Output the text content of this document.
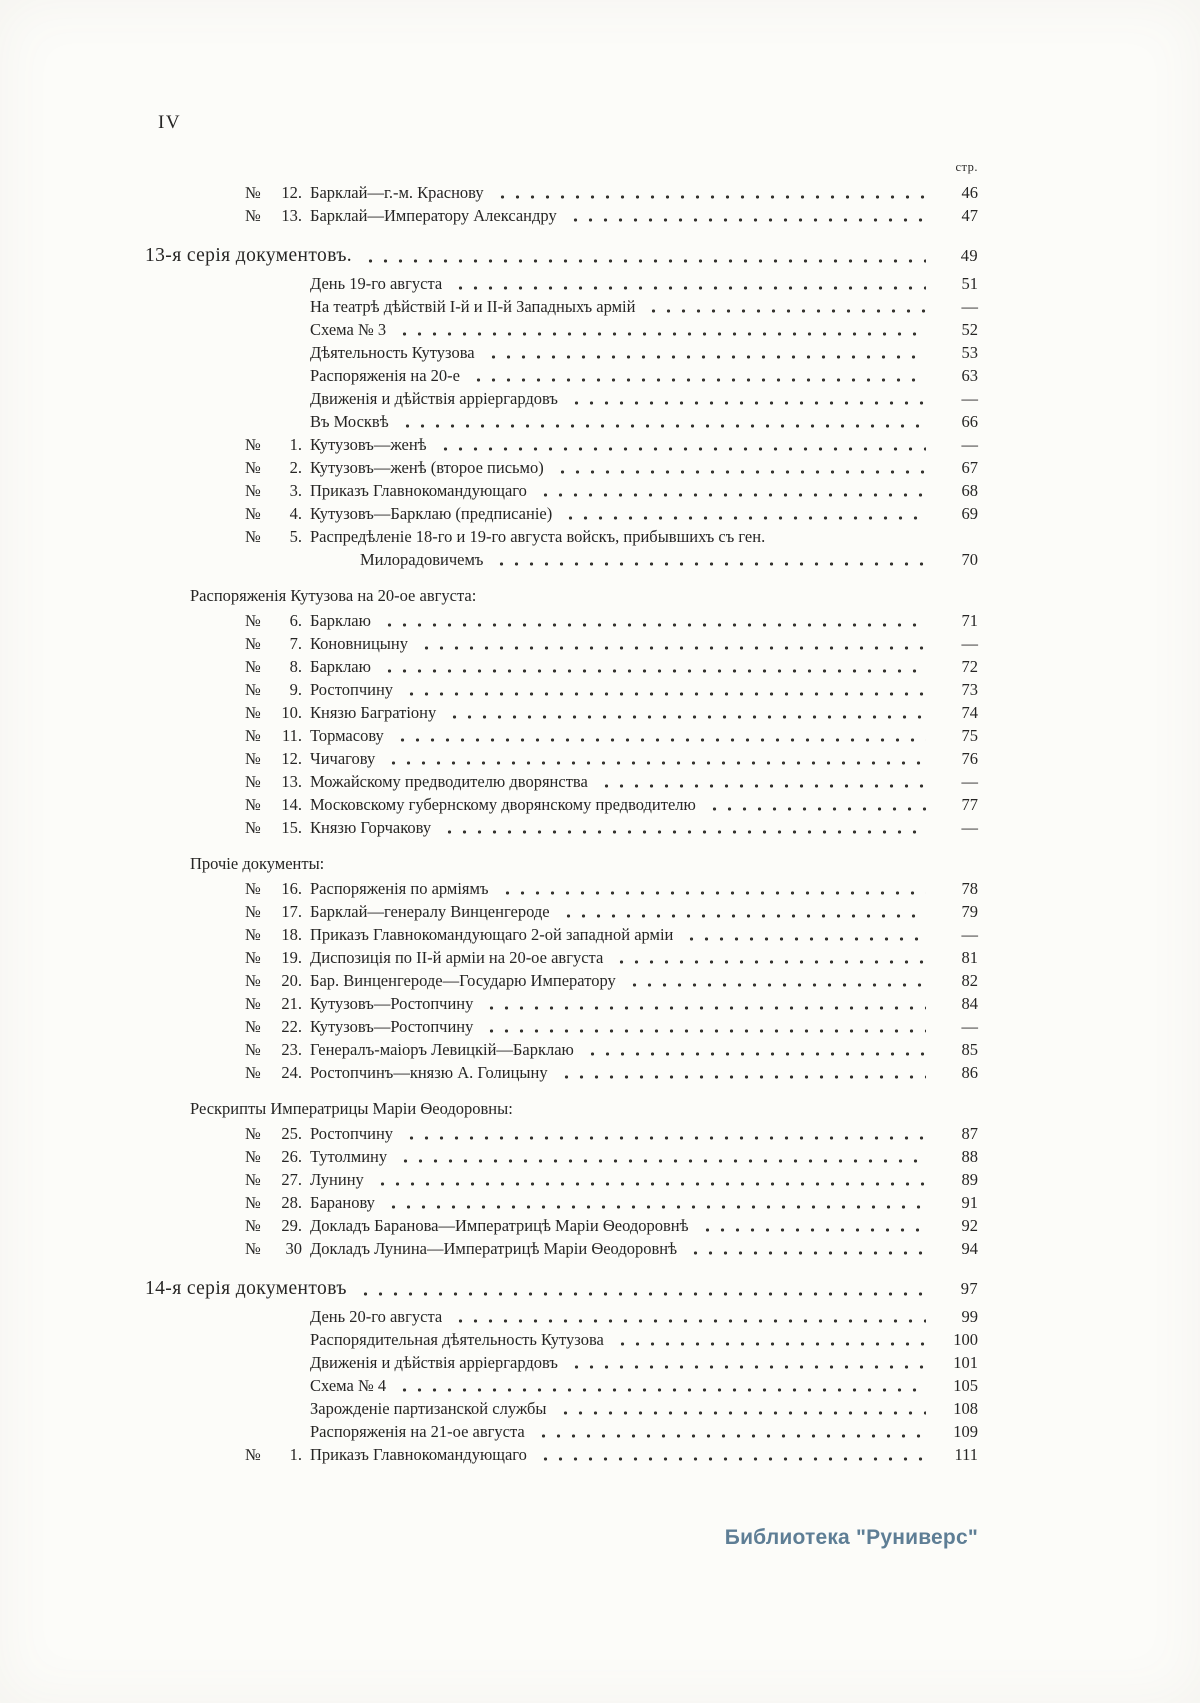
IV
стр.
№	12. Барклай—г.-м. Краснову	46
№	13. Барклай—Императору Александру	47
13-я серія документовъ.	49
День 19-го августа	51
На театрѣ дѣйствій I-й и II-й Западныхъ армій	—
Схема № 3	52
Дѣятельность Кутузова	53
Распоряженія на 20-е	63
Движенія и дѣйствія арріергардовъ	—
Въ Москвѣ	66
№	1. Кутузовъ—женѣ	—
№	2. Кутузовъ—женѣ (второе письмо)	67
№	3. Приказъ Главнокомандующаго	68
№	4. Кутузовъ—Барклаю (предписаніе)	69
№	5. Распредѣленіе 18-го и 19-го августа войскъ, прибывшихъ съ ген.
Милорадовичемъ	70
Распоряженія Кутузова на 20-ое августа:
№	6. Барклаю	71
№	7. Коновницыну	—
№	8. Барклаю	72
№	9. Ростопчину	73
№	10. Князю Багратіону	74
№	11. Тормасову	75
№	12. Чичагову	76
№	13. Можайскому предводителю дворянства	—
№	14. Московскому губернскому дворянскому предводителю	77
№	15. Князю Горчакову	—
Прочіе документы:
№	16. Распоряженія по арміямъ	78
№	17. Барклай—генералу Винценгероде	79
№	18. Приказъ Главнокомандующаго 2-ой западной арміи	—
№	19. Диспозиція по II-й арміи на 20-ое августа	81
№	20. Бар. Винценгероде—Государю Императору	82
№	21. Кутузовъ—Ростопчину	84
№	22. Кутузовъ—Ростопчину	—
№	23. Генералъ-маіоръ Левицкій—Барклаю	85
№	24. Ростопчинъ—князю А. Голицыну	86
Рескрипты Императрицы Маріи Ѳеодоровны:
№	25. Ростопчину	87
№	26. Тутолмину	88
№	27. Лунину	89
№	28. Баранову	91
№	29. Докладъ Баранова—Императрицѣ Маріи Ѳеодоровнѣ	92
№	30 Докладъ Лунина—Императрицѣ Маріи Ѳеодоровнѣ	94
14-я серія документовъ	97
День 20-го августа	99
Распорядительная дѣятельность Кутузова	100
Движенія и дѣйствія арріергардовъ	101
Схема № 4	105
Зарожденіе партизанской службы	108
Распоряженія на 21-ое августа	109
№	1. Приказъ Главнокомандующаго	111
Библиотека "Руниверс"
